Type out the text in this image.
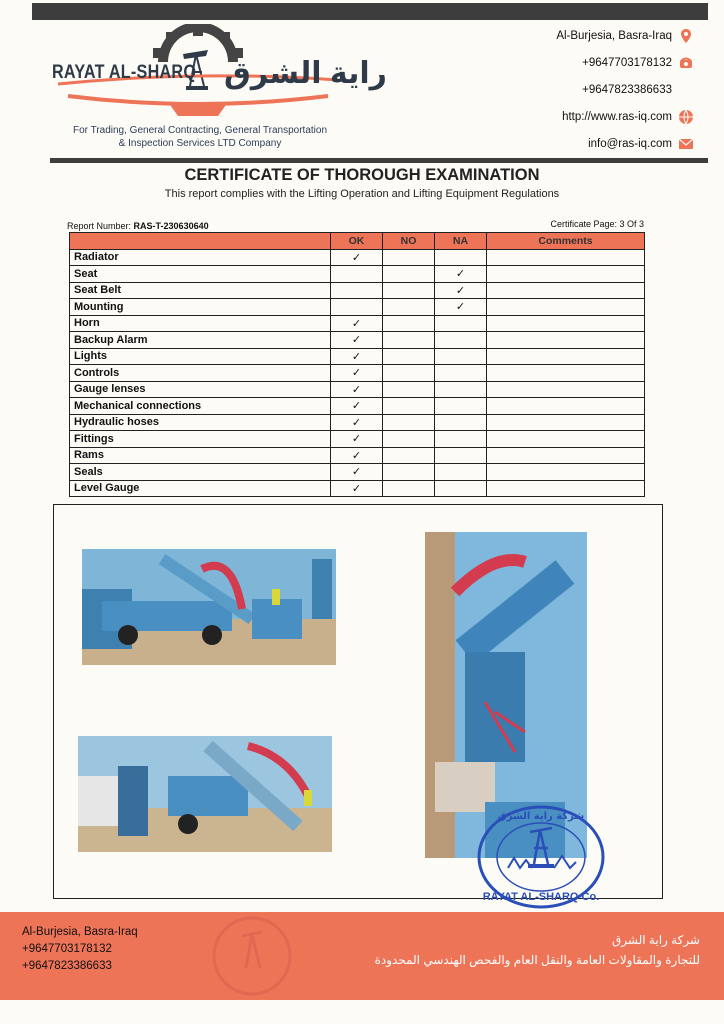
RAYAT AL-SHARQ راية الشرق
For Trading, General Contracting, General Transportation
& Inspection Services LTD Company
Al-Burjesia, Basra-Iraq
+9647703178132
+9647823386633
http://www.ras-iq.com
info@ras-iq.com
CERTIFICATE OF THOROUGH EXAMINATION
This report complies with the Lifting Operation and Lifting Equipment Regulations
Report Number: RAS-T-230630640	Certificate Page: 3 Of 3
	OK	NO	NA	Comments
Radiator	✓			
Seat			✓	
Seat Belt			✓	
Mounting			✓	
Horn	✓			
Backup Alarm	✓			
Lights	✓			
Controls	✓			
Gauge lenses	✓			
Mechanical connections	✓			
Hydraulic hoses	✓			
Fittings	✓			
Rams	✓			
Seals	✓			
Level Gauge	✓			
شركة راية الشرق
RAYAT AL-SHARQ Co.
Al-Burjesia, Basra-Iraq
+9647703178132
+9647823386633
شركة راية الشرق
للتجارة والمقاولات العامة والنقل العام والفحص الهندسي المحدودة
